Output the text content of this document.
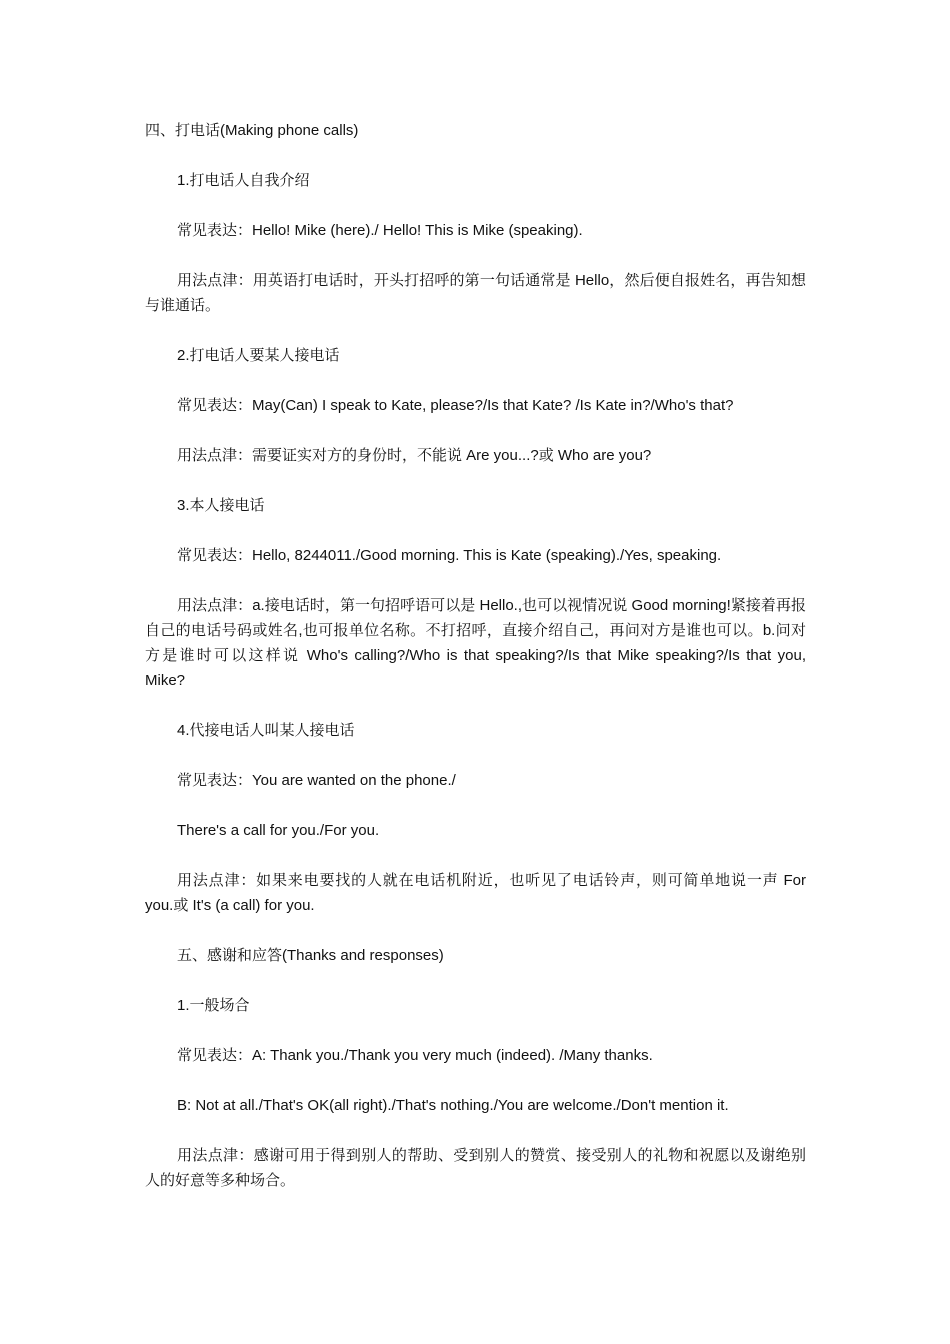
四、打电话(Making phone calls)

1.打电话人自我介绍

常见表达：Hello! Mike (here)./ Hello! This is Mike (speaking).

用法点津：用英语打电话时，开头打招呼的第一句话通常是 Hello，然后便自报姓名，再告知想与谁通话。

2.打电话人要某人接电话

常见表达：May(Can) I speak to Kate, please?/Is that Kate? /Is Kate in?/Who's that?

用法点津：需要证实对方的身份时，不能说 Are you...?或 Who are you?

3.本人接电话

常见表达：Hello, 8244011./Good morning. This is Kate (speaking)./Yes, speaking.

用法点津：a.接电话时，第一句招呼语可以是 Hello.,也可以视情况说 Good morning!紧接着再报自己的电话号码或姓名,也可报单位名称。不打招呼，直接介绍自己，再问对方是谁也可以。b.问对方是谁时可以这样说 Who's calling?/Who is that speaking?/Is that Mike speaking?/Is that you, Mike?

4.代接电话人叫某人接电话

常见表达：You are wanted on the phone./

There's a call for you./For you.

用法点津：如果来电要找的人就在电话机附近，也听见了电话铃声，则可简单地说一声 For you.或 It's (a call) for you.

五、感谢和应答(Thanks and responses)

1.一般场合

常见表达：A: Thank you./Thank you very much (indeed). /Many thanks.

B: Not at all./That's OK(all right)./That's nothing./You are welcome./Don't mention it.

用法点津：感谢可用于得到别人的帮助、受到别人的赞赏、接受别人的礼物和祝愿以及谢绝别人的好意等多种场合。
